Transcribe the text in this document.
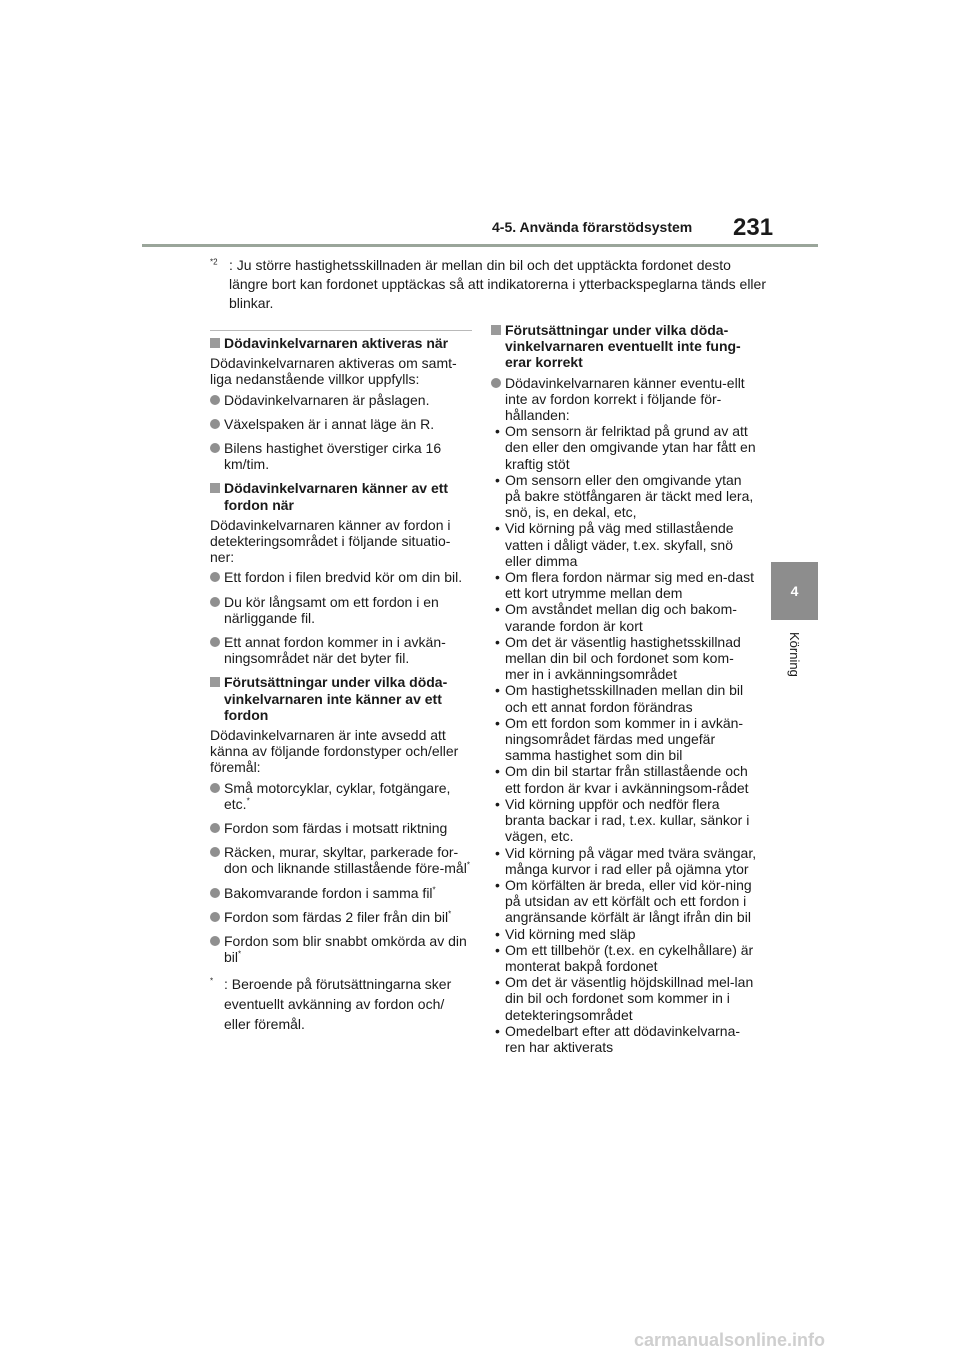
4-5. Använda förarstödsystem 231
4
Körning
$^{*2}$ : Ju större hastighetsskillnaden är mellan din bil och det upptäckta fordonet desto längre bort kan fordonet upptäckas så att indikatorerna i ytterbackspeglarna tänds eller blinkar.
Dödavinkelvarnaren aktiveras när
Dödavinkelvarnaren aktiveras om samt-liga nedanstående villkor uppfylls:
Dödavinkelvarnaren är påslagen.
Växelspaken är i annat läge än R.
Bilens hastighet överstiger cirka 16 km/tim.
Dödavinkelvarnaren känner av ett fordon när
Dödavinkelvarnaren känner av fordon i detekteringsområdet i följande situatio-ner:
Ett fordon i filen bredvid kör om din bil.
Du kör långsamt om ett fordon i en närliggande fil.
Ett annat fordon kommer in i avkän-ningsområdet när det byter fil.
Förutsättningar under vilka döda-vinkelvarnaren inte känner av ett fordon
Dödavinkelvarnaren är inte avsedd att känna av följande fordonstyper och/eller föremål:
Små motorcyklar, cyklar, fotgängare, etc.*
Fordon som färdas i motsatt riktning
Räcken, murar, skyltar, parkerade for-don och liknande stillastående före-mål*
Bakomvarande fordon i samma fil*
Fordon som färdas 2 filer från din bil*
Fordon som blir snabbt omkörda av din bil*
* : Beroende på förutsättningarna sker eventuellt avkänning av fordon och/ eller föremål.
Förutsättningar under vilka döda-vinkelvarnaren eventuellt inte fung-erar korrekt
Dödavinkelvarnaren känner eventu-ellt inte av fordon korrekt i följande för-hållanden:
• Om sensorn är felriktad på grund av att den eller den omgivande ytan har fått en kraftig stöt
• Om sensorn eller den omgivande ytan på bakre stötfångaren är täckt med lera, snö, is, en dekal, etc,
• Vid körning på väg med stillastående vatten i dåligt väder, t.ex. skyfall, snö eller dimma
• Om flera fordon närmar sig med en-dast ett kort utrymme mellan dem
• Om avståndet mellan dig och bakom-varande fordon är kort
• Om det är väsentlig hastighetsskillnad mellan din bil och fordonet som kom-mer in i avkänningsområdet
• Om hastighetsskillnaden mellan din bil och ett annat fordon förändras
• Om ett fordon som kommer in i avkän-ningsområdet färdas med ungefär samma hastighet som din bil
• Om din bil startar från stillastående och ett fordon är kvar i avkänningsom-rådet
• Vid körning uppför och nedför flera branta backar i rad, t.ex. kullar, sänkor i vägen, etc.
• Vid körning på vägar med tvära svängar, många kurvor i rad eller på ojämna ytor
• Om körfälten är breda, eller vid kör-ning på utsidan av ett körfält och ett fordon i angränsande körfält är långt ifrån din bil
• Vid körning med släp
• Om ett tillbehör (t.ex. en cykelhållare) är monterat bakpå fordonet
• Om det är väsentlig höjdskillnad mel-lan din bil och fordonet som kommer in i detekteringsområdet
• Omedelbart efter att dödavinkelvarna-ren har aktiverats
carmanualsonline.info
